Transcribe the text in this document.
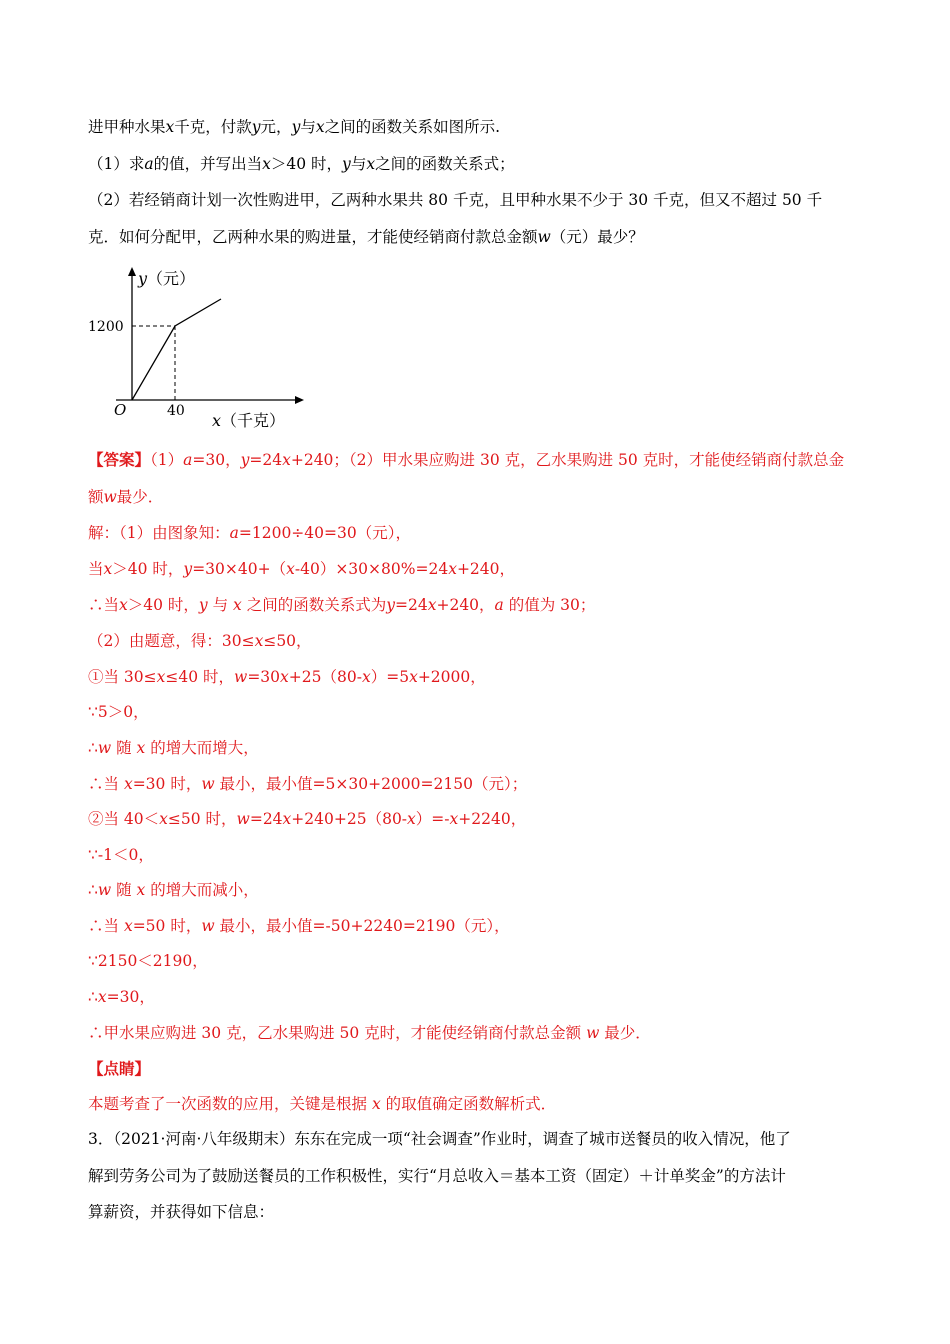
进甲种水果x千克，付款y元，y与x之间的函数关系如图所示.
（1）求a的值，并写出当x＞40 时，y与x之间的函数关系式；
（2）若经销商计划一次性购进甲，乙两种水果共 80 千克，且甲种水果不少于 30 千克，但又不超过 50 千
克．如何分配甲，乙两种水果的购进量，才能使经销商付款总金额w（元）最少？
y（元）
x（千克）
O
1200
40
【答案】（1）a=30，y=24x+240；（2）甲水果应购进 30 克，乙水果购进 50 克时，才能使经销商付款总金
额w最少．
解：（1）由图象知：a=1200÷40=30（元），
当x＞40 时，y=30×40+（x-40）×30×80%=24x+240，
∴当x＞40 时，y 与 x 之间的函数关系式为y=24x+240，a 的值为 30；
（2）由题意，得：30≤x≤50，
①当 30≤x≤40 时，w=30x+25（80-x）=5x+2000，
∵5＞0，
∴w 随 x 的增大而增大，
∴当 x=30 时，w 最小，最小值=5×30+2000=2150（元）；
②当 40＜x≤50 时，w=24x+240+25（80-x）=-x+2240，
∵-1＜0，
∴w 随 x 的增大而减小，
∴当 x=50 时，w 最小，最小值=-50+2240=2190（元），
∵2150＜2190，
∴x=30，
∴甲水果应购进 30 克，乙水果购进 50 克时，才能使经销商付款总金额 w 最少．
【点睛】
本题考查了一次函数的应用，关键是根据 x 的取值确定函数解析式．
3．（2021·河南·八年级期末）东东在完成一项“社会调查”作业时，调查了城市送餐员的收入情况，他了
解到劳务公司为了鼓励送餐员的工作积极性，实行“月总收入＝基本工资（固定）＋计单奖金”的方法计
算薪资，并获得如下信息：
